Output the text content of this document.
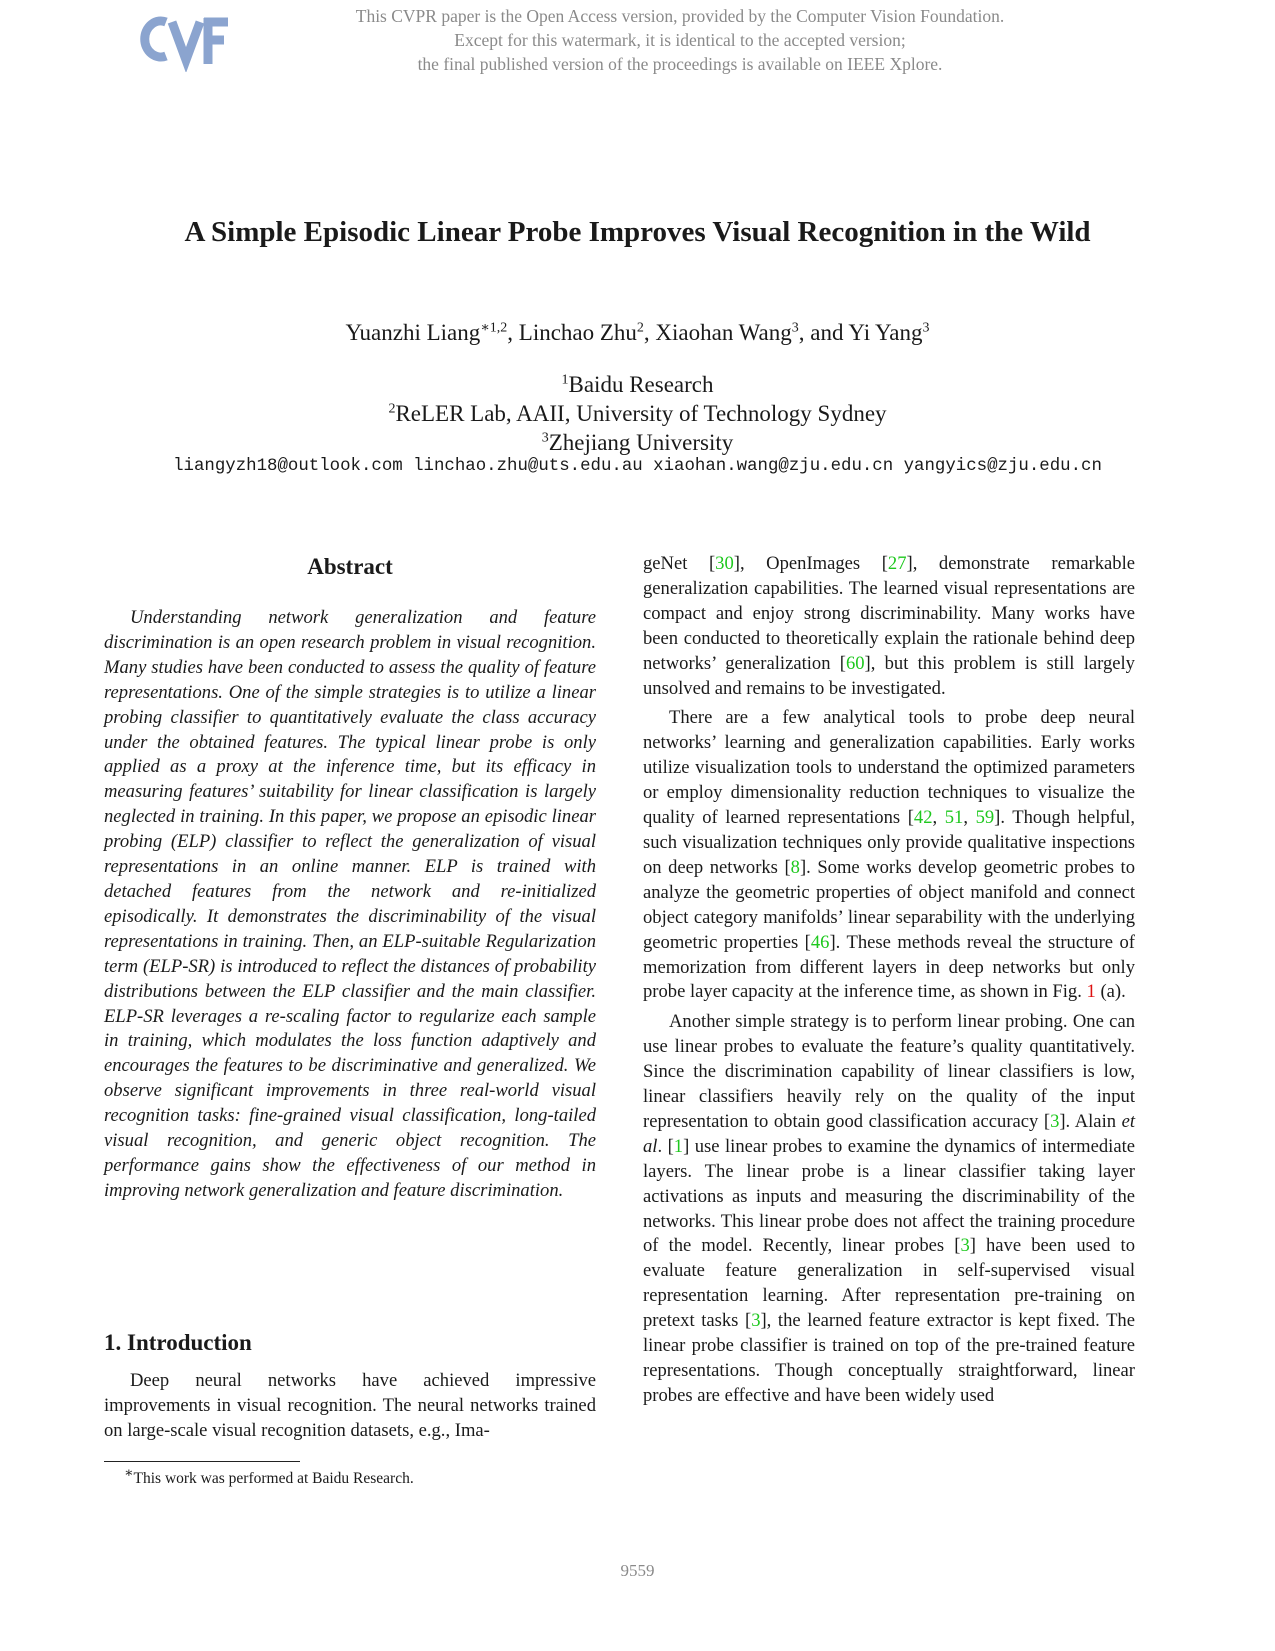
This CVPR paper is the Open Access version, provided by the Computer Vision Foundation.
Except for this watermark, it is identical to the accepted version;
the final published version of the proceedings is available on IEEE Xplore.
A Simple Episodic Linear Probe Improves Visual Recognition in the Wild
Yuanzhi Liang$^{∗1,2}$, Linchao Zhu$^2$, Xiaohan Wang$^3$, and Yi Yang$^3$
$^1$Baidu Research
$^2$ReLER Lab, AAII, University of Technology Sydney
$^3$Zhejiang University
liangyzh18@outlook.com linchao.zhu@uts.edu.au xiaohan.wang@zju.edu.cn yangyics@zju.edu.cn
Abstract
Understanding network generalization and feature discrimination is an open research problem in visual recognition. Many studies have been conducted to assess the quality of feature representations. One of the simple strategies is to utilize a linear probing classifier to quantitatively evaluate the class accuracy under the obtained features. The typical linear probe is only applied as a proxy at the inference time, but its efficacy in measuring features’ suitability for linear classification is largely neglected in training. In this paper, we propose an episodic linear probing (ELP) classifier to reflect the generalization of visual representations in an online manner. ELP is trained with detached features from the network and re-initialized episodically. It demonstrates the discriminability of the visual representations in training. Then, an ELP-suitable Regularization term (ELP-SR) is introduced to reflect the distances of probability distributions between the ELP classifier and the main classifier. ELP-SR leverages a re-scaling factor to regularize each sample in training, which modulates the loss function adaptively and encourages the features to be discriminative and generalized. We observe significant improvements in three real-world visual recognition tasks: fine-grained visual classification, long-tailed visual recognition, and generic object recognition. The performance gains show the effectiveness of our method in improving network generalization and feature discrimination.
1. Introduction
Deep neural networks have achieved impressive improvements in visual recognition. The neural networks trained on large-scale visual recognition datasets, e.g., Ima-
∗This work was performed at Baidu Research.

geNet [30], OpenImages [27], demonstrate remarkable generalization capabilities. The learned visual representations are compact and enjoy strong discriminability. Many works have been conducted to theoretically explain the rationale behind deep networks’ generalization [60], but this problem is still largely unsolved and remains to be investigated.

There are a few analytical tools to probe deep neural networks’ learning and generalization capabilities. Early works utilize visualization tools to understand the optimized parameters or employ dimensionality reduction techniques to visualize the quality of learned representations [42, 51, 59]. Though helpful, such visualization techniques only provide qualitative inspections on deep networks [8]. Some works develop geometric probes to analyze the geometric properties of object manifold and connect object category manifolds’ linear separability with the underlying geometric properties [46]. These methods reveal the structure of memorization from different layers in deep networks but only probe layer capacity at the inference time, as shown in Fig. 1 (a).

Another simple strategy is to perform linear probing. One can use linear probes to evaluate the feature’s quality quantitatively. Since the discrimination capability of linear classifiers is low, linear classifiers heavily rely on the quality of the input representation to obtain good classification accuracy [3]. Alain et al. [1] use linear probes to examine the dynamics of intermediate layers. The linear probe is a linear classifier taking layer activations as inputs and measuring the discriminability of the networks. This linear probe does not affect the training procedure of the model. Recently, linear probes [3] have been used to evaluate feature generalization in self-supervised visual representation learning. After representation pre-training on pretext tasks [3], the learned feature extractor is kept fixed. The linear probe classifier is trained on top of the pre-trained feature representations. Though conceptually straightforward, linear probes are effective and have been widely used

9559
